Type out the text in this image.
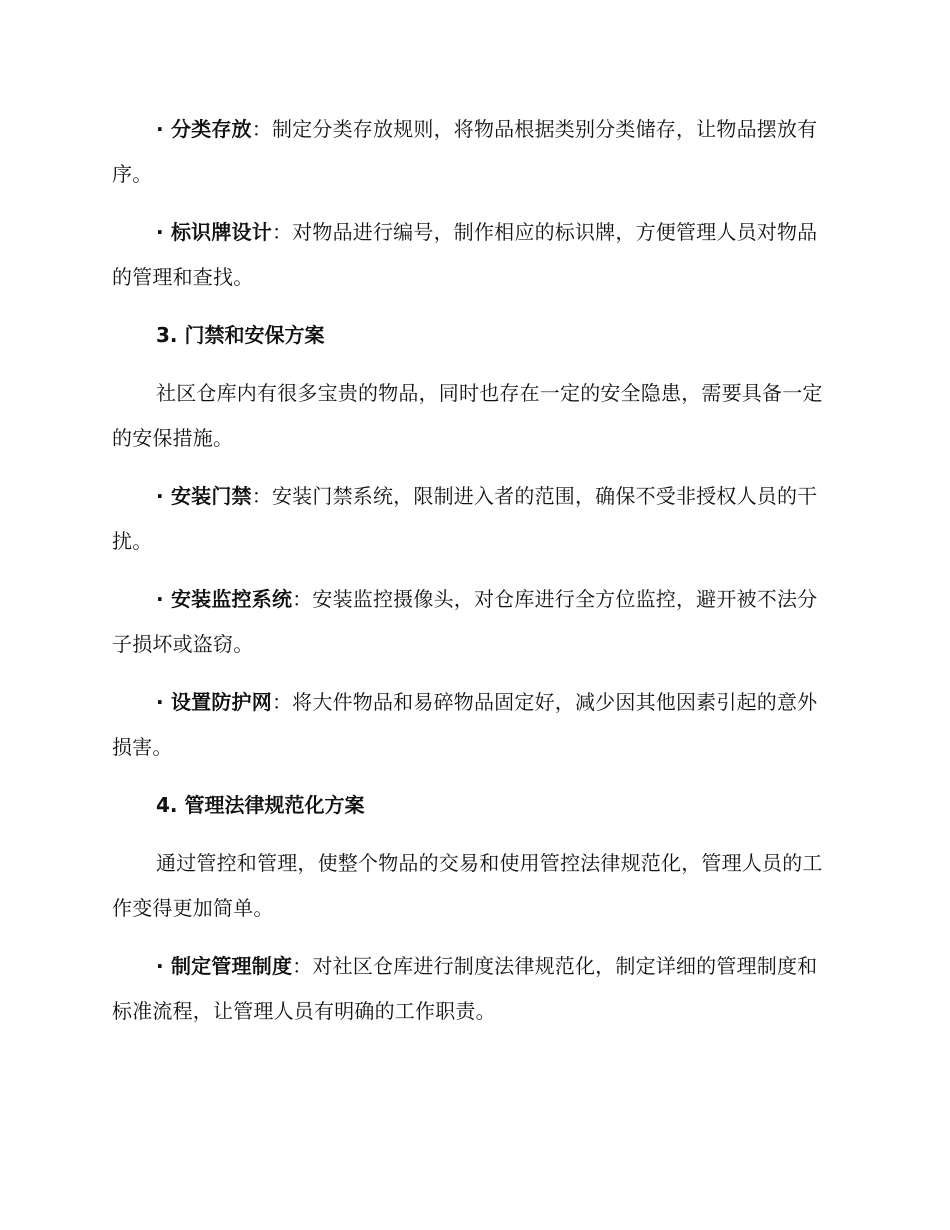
· 分类存放：制定分类存放规则，将物品根据类别分类储存，让物品摆放有序。

· 标识牌设计：对物品进行编号，制作相应的标识牌，方便管理人员对物品的管理和查找。

3. 门禁和安保方案

社区仓库内有很多宝贵的物品，同时也存在一定的安全隐患，需要具备一定的安保措施。

· 安装门禁：安装门禁系统，限制进入者的范围，确保不受非授权人员的干扰。

· 安装监控系统：安装监控摄像头，对仓库进行全方位监控，避开被不法分子损坏或盗窃。

· 设置防护网：将大件物品和易碎物品固定好，减少因其他因素引起的意外损害。

4. 管理法律规范化方案

通过管控和管理，使整个物品的交易和使用管控法律规范化，管理人员的工作变得更加简单。

· 制定管理制度：对社区仓库进行制度法律规范化，制定详细的管理制度和标准流程，让管理人员有明确的工作职责。
